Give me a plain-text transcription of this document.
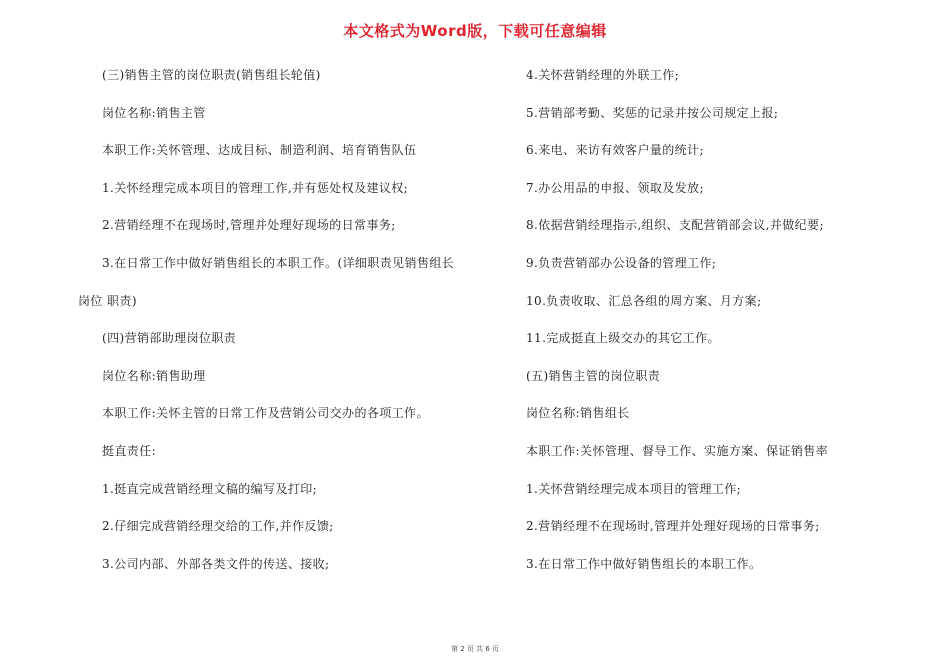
本文格式为Word版，下载可任意编辑
(三)销售主管的岗位职责(销售组长轮值)
岗位名称:销售主管
本职工作:关怀管理、达成目标、制造利润、培育销售队伍
1.关怀经理完成本项目的管理工作,并有惩处权及建议权;
2.营销经理不在现场时,管理并处理好现场的日常事务;
3.在日常工作中做好销售组长的本职工作。(详细职责见销售组长
岗位 职责)
(四)营销部助理岗位职责
岗位名称:销售助理
本职工作:关怀主管的日常工作及营销公司交办的各项工作。
挺直责任:
1.挺直完成营销经理文稿的编写及打印;
2.仔细完成营销经理交给的工作,并作反馈;
3.公司内部、外部各类文件的传送、接收;
4.关怀营销经理的外联工作;
5.营销部考勤、奖惩的记录并按公司规定上报;
6.来电、来访有效客户量的统计;
7.办公用品的申报、领取及发放;
8.依据营销经理指示,组织、支配营销部会议,并做纪要;
9.负责营销部办公设备的管理工作;
10.负责收取、汇总各组的周方案、月方案;
11.完成挺直上级交办的其它工作。
(五)销售主管的岗位职责
岗位名称:销售组长
本职工作:关怀管理、督导工作、实施方案、保证销售率
1.关怀营销经理完成本项目的管理工作;
2.营销经理不在现场时,管理并处理好现场的日常事务;
3.在日常工作中做好销售组长的本职工作。
第 2 页 共 6 页
